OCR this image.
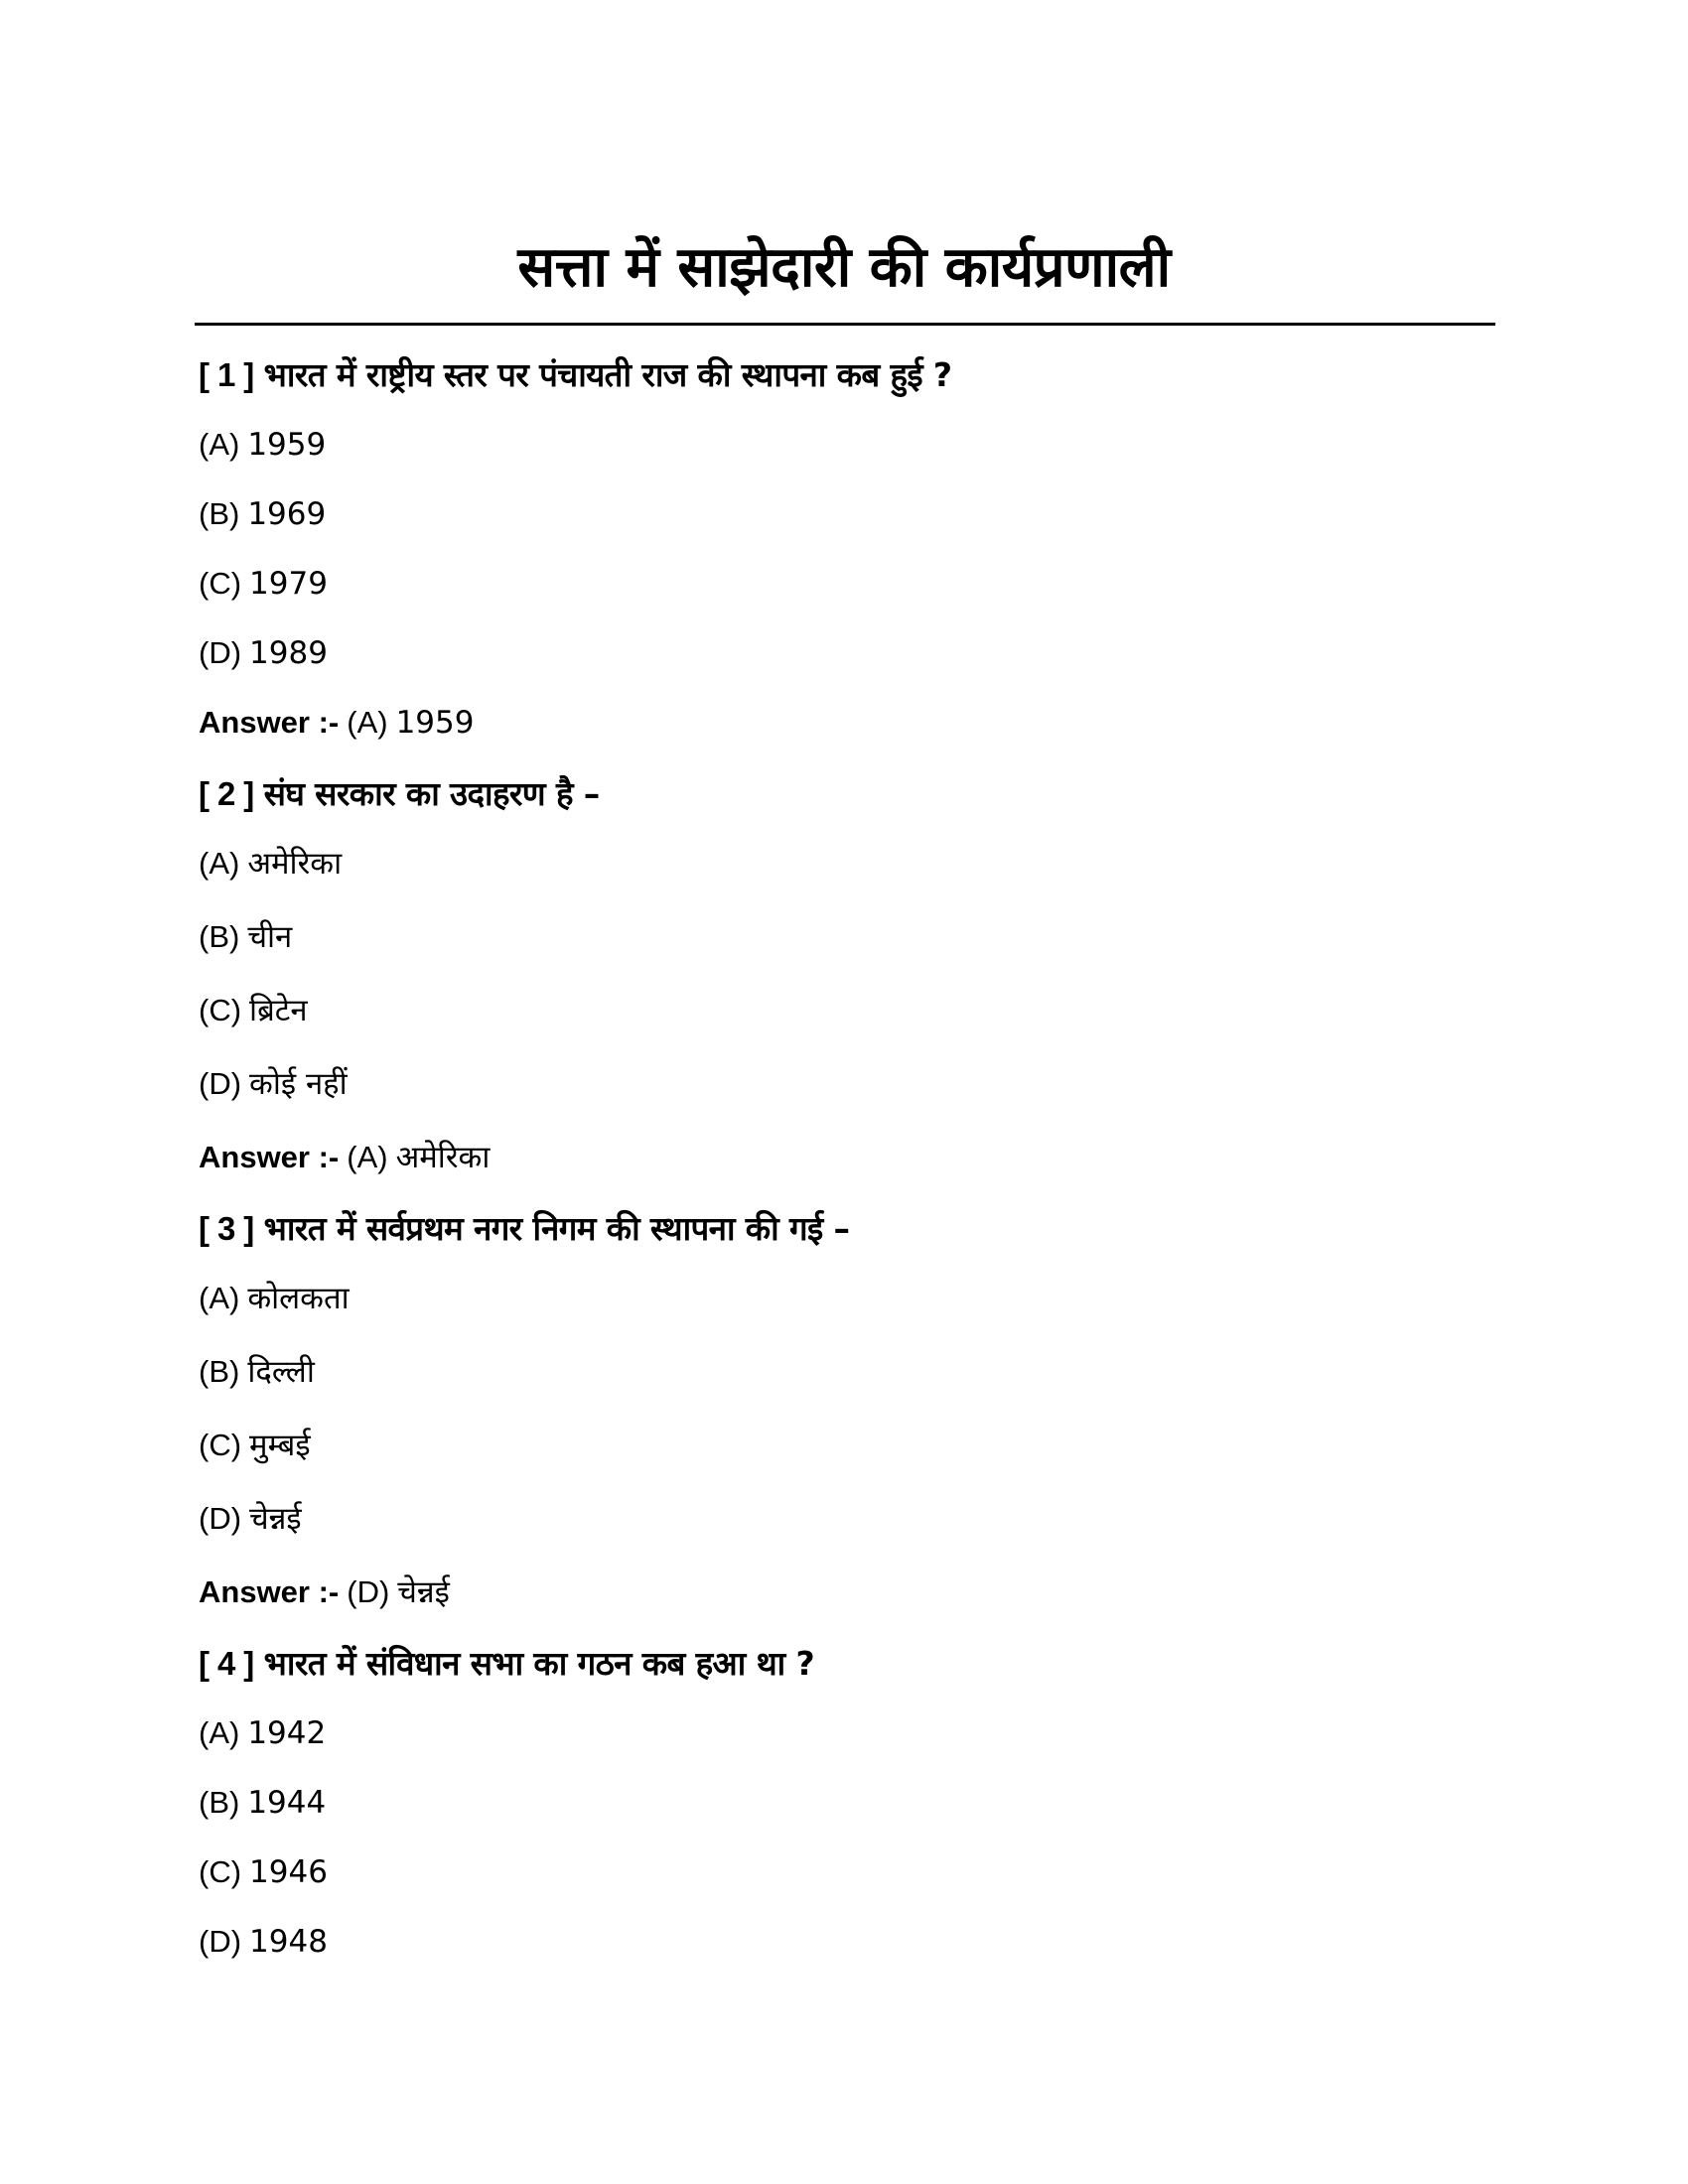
सत्ता में साझेदारी की कार्यप्रणाली
[ 1 ] भारत में राष्ट्रीय स्तर पर पंचायती राज की स्थापना कब हुई ?
(A) 1959
(B) 1969
(C) 1979
(D) 1989
Answer :- (A) 1959
[ 2 ] संघ सरकार का उदाहरण है –
(A) अमेरिका
(B) चीन
(C) ब्रिटेन
(D) कोई नहीं
Answer :- (A) अमेरिका
[ 3 ] भारत में सर्वप्रथम नगर निगम की स्थापना की गई –
(A) कोलकता
(B) दिल्ली
(C) मुम्बई
(D) चेन्नई
Answer :- (D) चेन्नई
[ 4 ] भारत में संविधान सभा का गठन कब हआ था ?
(A) 1942
(B) 1944
(C) 1946
(D) 1948
